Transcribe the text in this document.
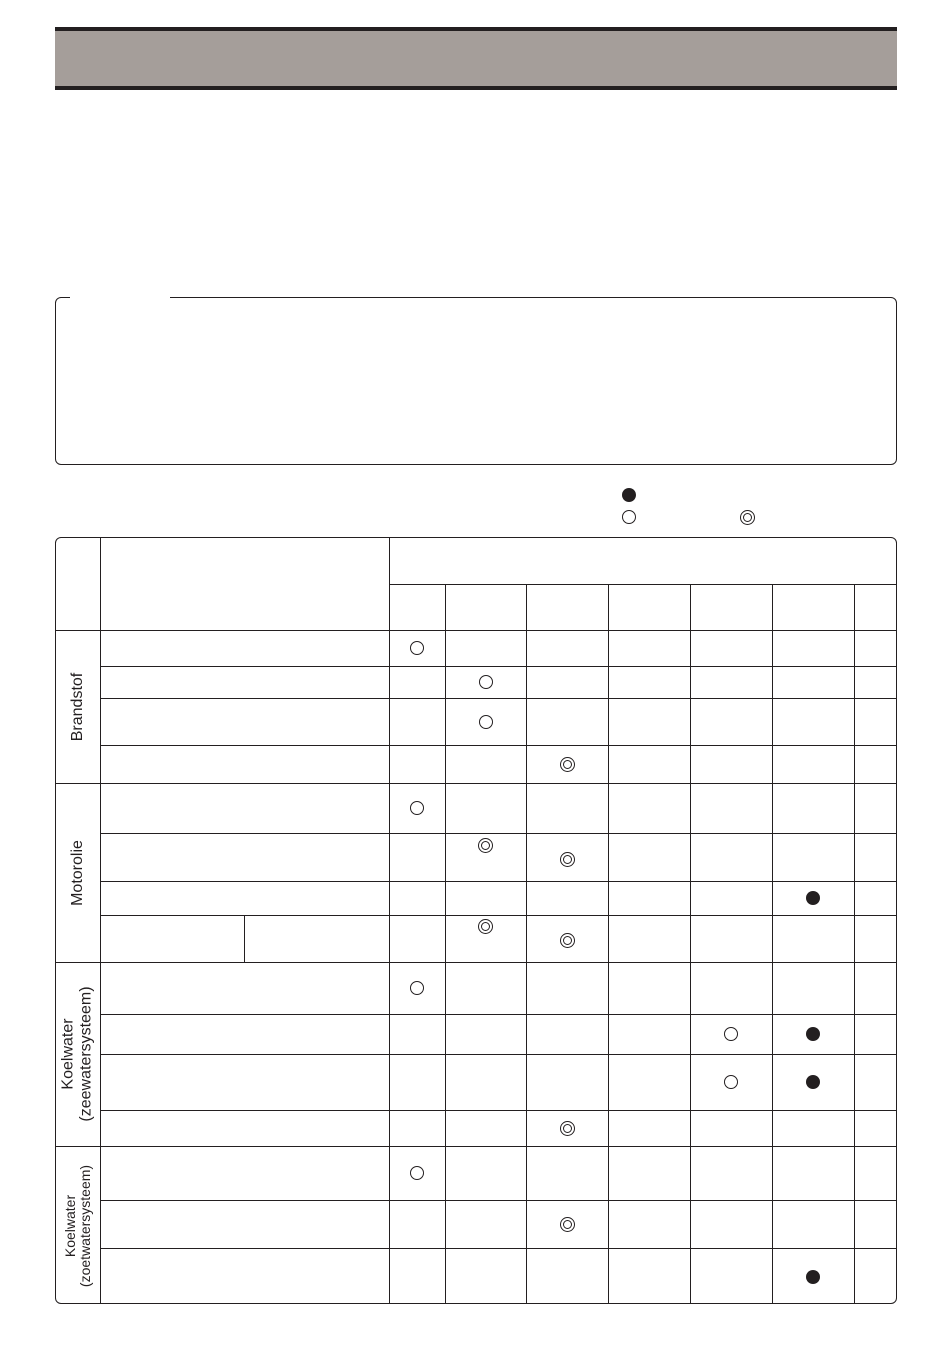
Brandstof
Motorolie
Koelwater
(zeewatersysteem)
Koelwater
(zoetwatersysteem)
